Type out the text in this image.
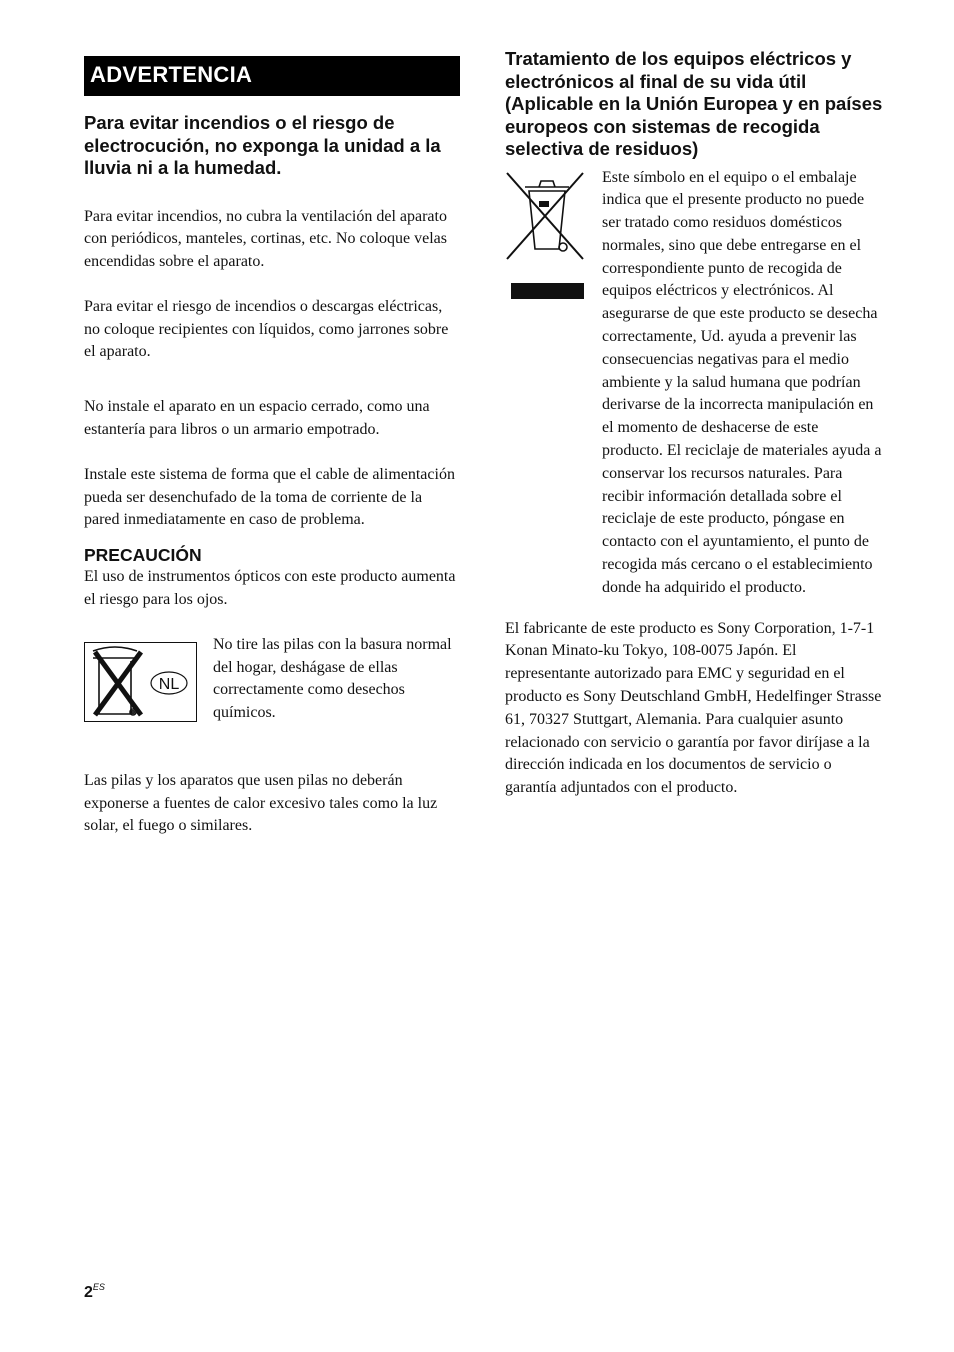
ADVERTENCIA
Para evitar incendios o el riesgo de electrocución, no exponga la unidad a la lluvia ni a la humedad.

Para evitar incendios, no cubra la ventilación del aparato con periódicos, manteles, cortinas, etc. No coloque velas encendidas sobre el aparato.

Para evitar el riesgo de incendios o descargas eléctricas, no coloque recipientes con líquidos, como jarrones sobre el aparato.

No instale el aparato en un espacio cerrado, como una estantería para libros o un armario empotrado.

Instale este sistema de forma que el cable de alimentación pueda ser desenchufado de la toma de corriente de la pared inmediatamente en caso de problema.

PRECAUCIÓN

El uso de instrumentos ópticos con este producto aumenta el riesgo para los ojos.

NL

No tire las pilas con la basura normal del hogar, deshágase de ellas correctamente como desechos químicos.

Las pilas y los aparatos que usen pilas no deberán exponerse a fuentes de calor excesivo tales como la luz solar, el fuego o similares.

Tratamiento de los equipos eléctricos y electrónicos al final de su vida útil (Aplicable en la Unión Europea y en países europeos con sistemas de recogida selectiva de residuos)

Este símbolo en el equipo o el embalaje indica que el presente producto no puede ser tratado como residuos domésticos normales, sino que debe entregarse en el correspondiente punto de recogida de equipos eléctricos y electrónicos. Al asegurarse de que este producto se desecha correctamente, Ud. ayuda a prevenir las consecuencias negativas para el medio ambiente y la salud humana que podrían derivarse de la incorrecta manipulación en el momento de deshacerse de este producto. El reciclaje de materiales ayuda a conservar los recursos naturales. Para recibir información detallada sobre el reciclaje de este producto, póngase en contacto con el ayuntamiento, el punto de recogida más cercano o el establecimiento donde ha adquirido el producto.

El fabricante de este producto es Sony Corporation, 1-7-1 Konan Minato-ku Tokyo, 108-0075 Japón. El representante autorizado para EMC y seguridad en el producto es Sony Deutschland GmbH, Hedelfinger Strasse 61, 70327 Stuttgart, Alemania. Para cualquier asunto relacionado con servicio o garantía por favor diríjase a la dirección indicada en los documentos de servicio o garantía adjuntados con el producto.

$2^{ES}$
